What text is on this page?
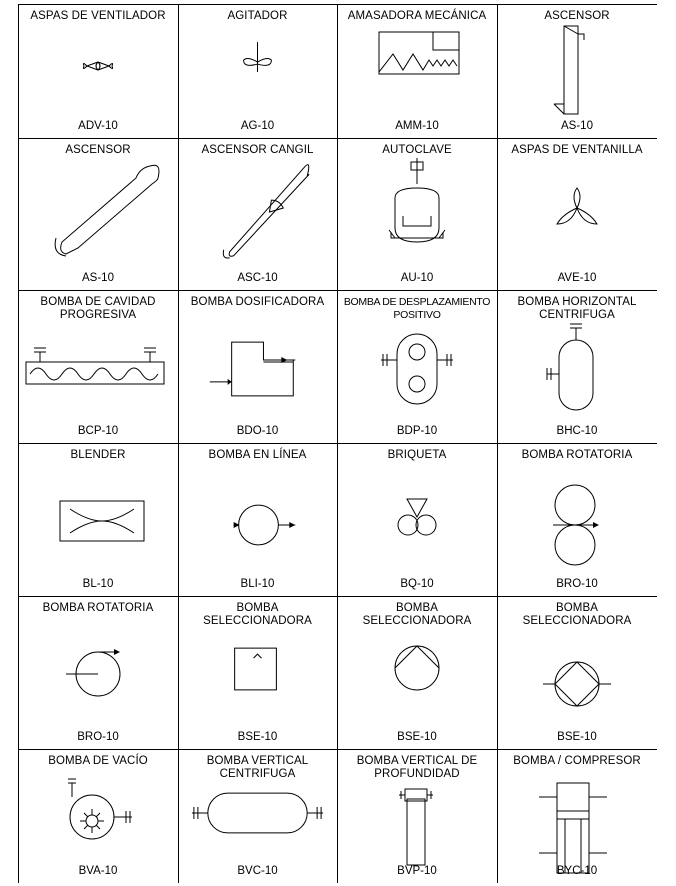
ASPAS DE VENTILADOR
ADV-10
AGITADOR
AG-10
AMASADORA MECÁNICA
AMM-10
ASCENSOR
AS-10
ASCENSOR
AS-10
ASCENSOR CANGIL
ASC-10
AUTOCLAVE
AU-10
ASPAS DE VENTANILLA
AVE-10
BOMBA DE CAVIDAD
PROGRESIVA
BCP-10
BOMBA DOSIFICADORA
BDO-10
BOMBA DE DESPLAZAMIENTO
POSITIVO
BDP-10
BOMBA HORIZONTAL
CENTRIFUGA
BHC-10
BLENDER
BL-10
BOMBA EN LÍNEA
BLI-10
BRIQUETA
BQ-10
BOMBA ROTATORIA
BRO-10
BOMBA ROTATORIA
BRO-10
BOMBA
SELECCIONADORA
BSE-10
BOMBA
SELECCIONADORA
BSE-10
BOMBA
SELECCIONADORA
BSE-10
BOMBA DE VACÍO
BVA-10
BOMBA VERTICAL
CENTRIFUGA
BVC-10
BOMBA VERTICAL DE
PROFUNDIDAD
BVP-10
BOMBA / COMPRESOR
BYC-10
